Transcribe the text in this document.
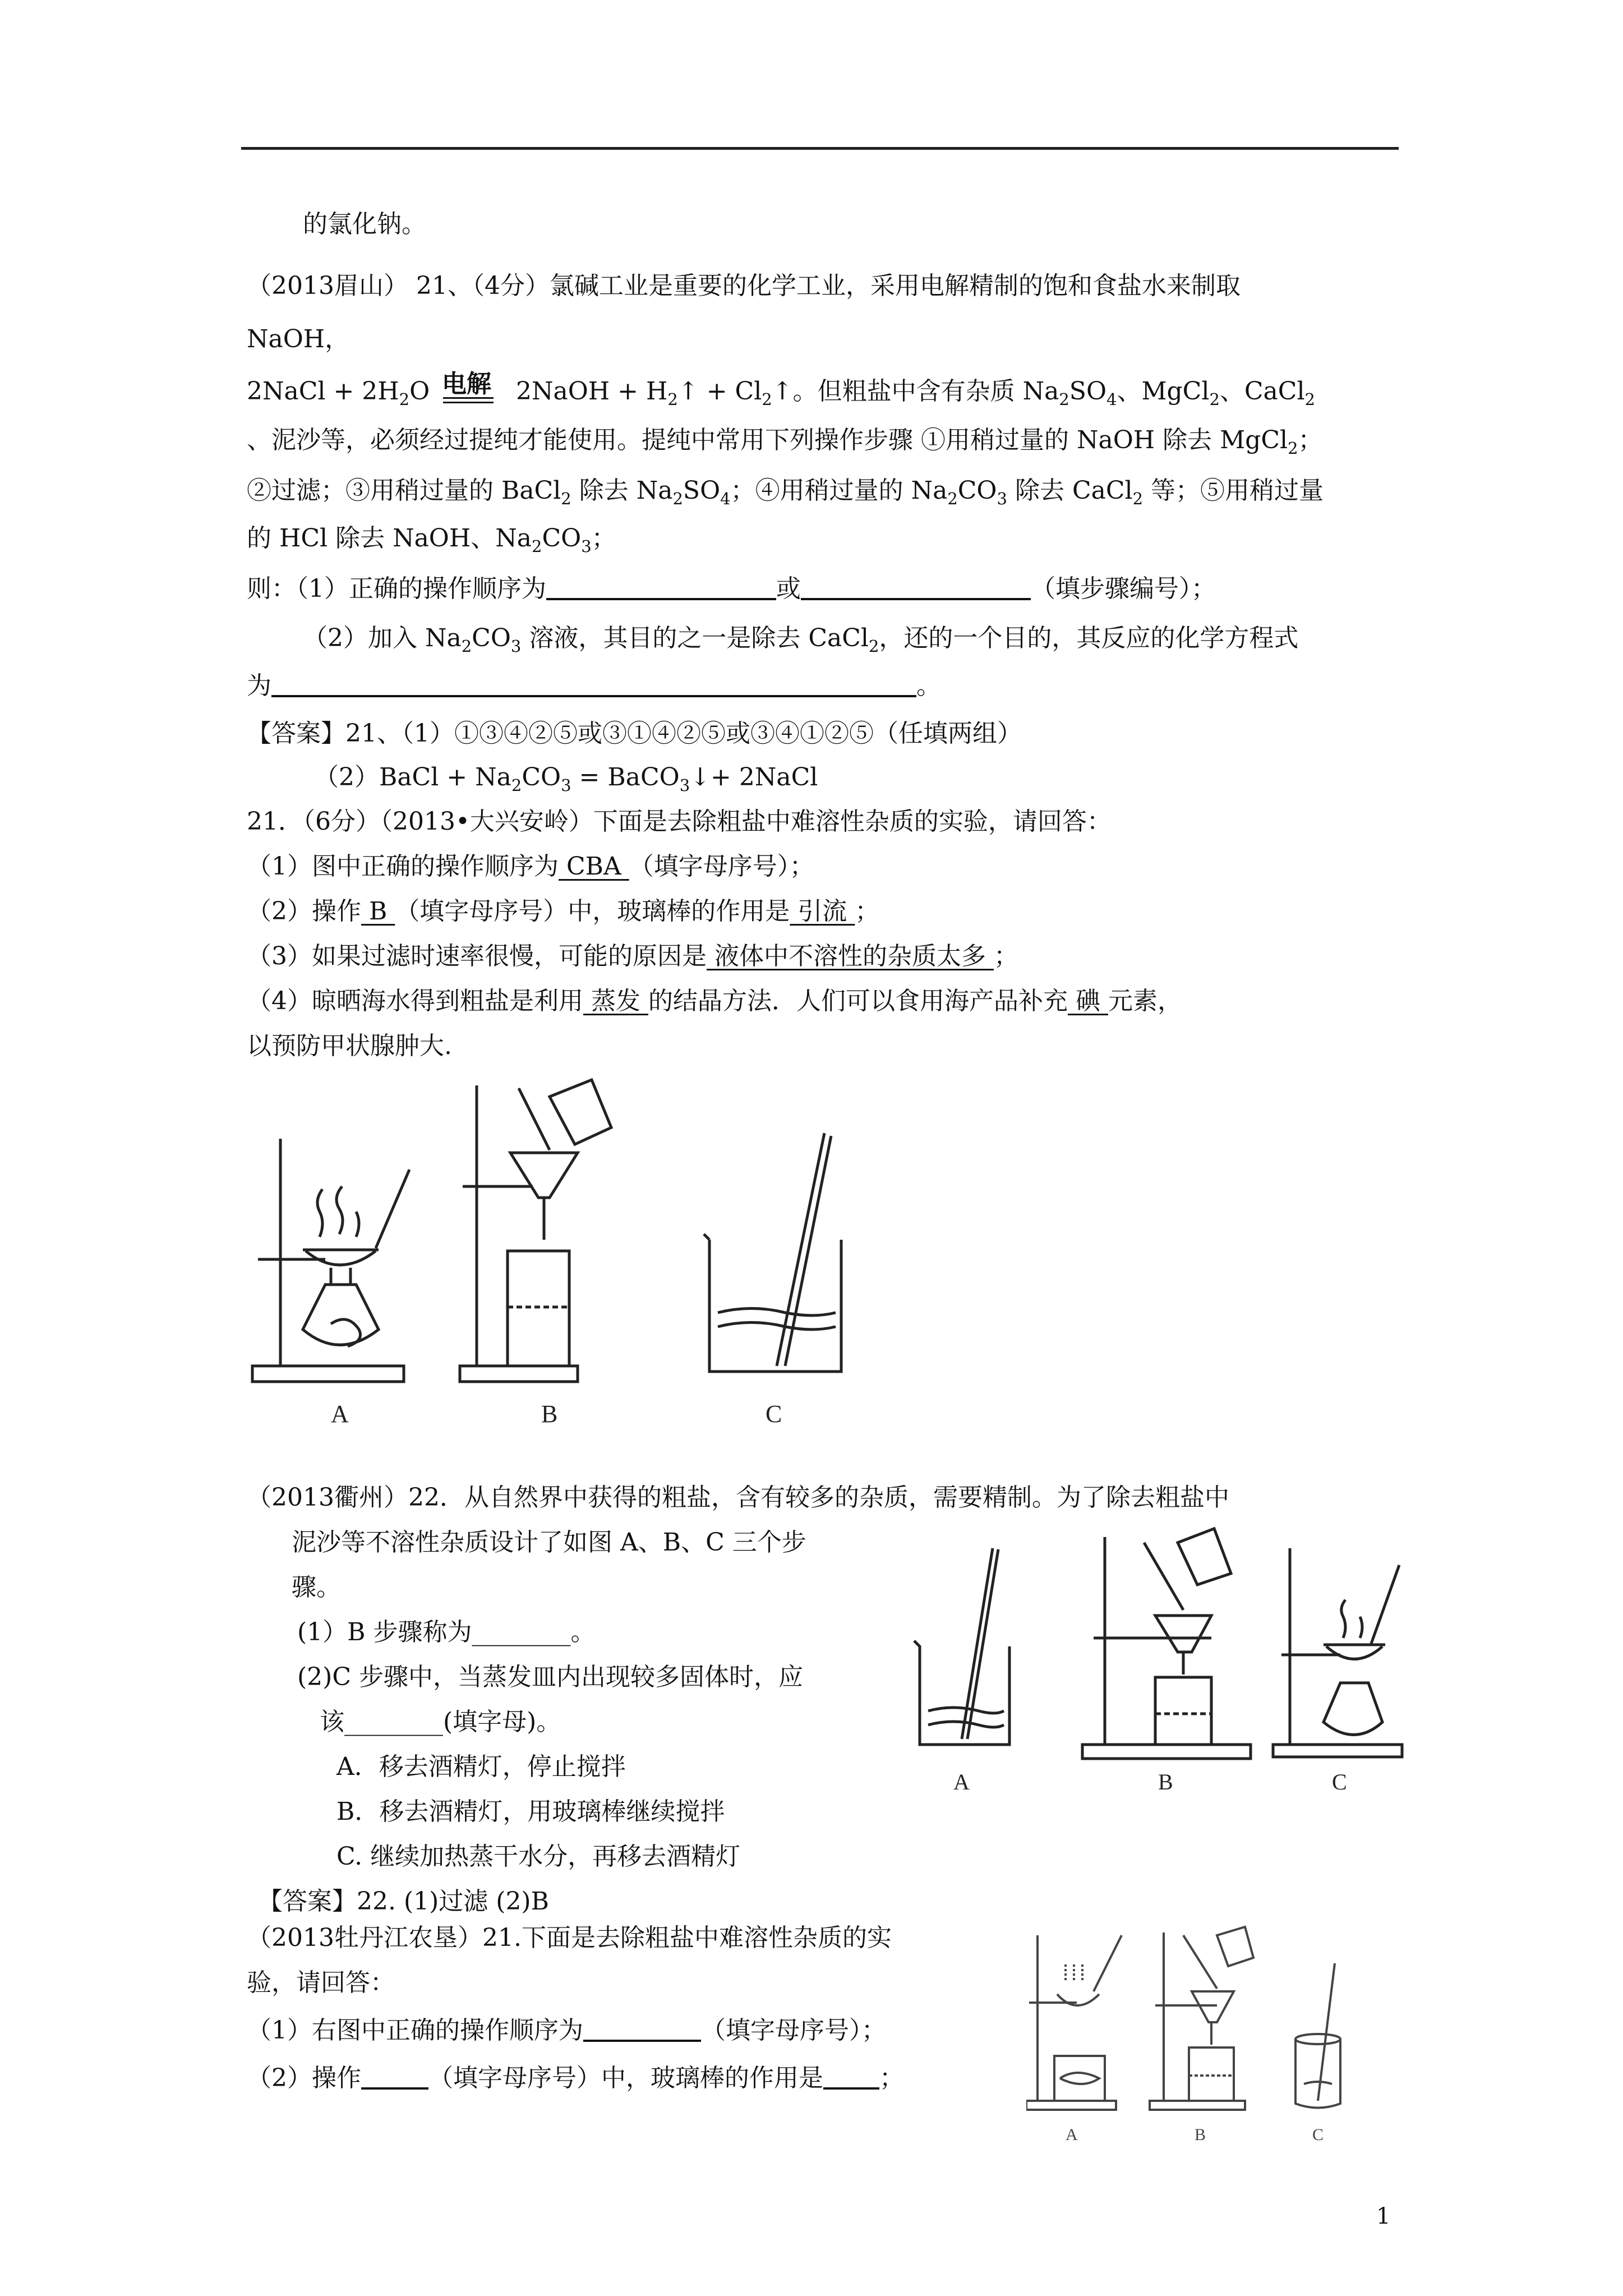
的氯化钠。
（2013眉山） 21、（4分）氯碱工业是重要的化学工业，采用电解精制的饱和食盐水来制取
NaOH，
电解
2NaCl + $2H_2O$	2NaOH + $H_2↑$ + $Cl_2↑$。但粗盐中含有杂质 $Na_2SO_4$、MgCl$_2$、CaCl$_2$
、泥沙等，必须经过提纯才能使用。提纯中常用下列操作步骤 ①用稍过量的 NaOH 除去 MgCl$_2$；
②过滤；③用稍过量的 BaCl$_2$ 除去 $Na_2SO_4$；④用稍过量的 $Na_2CO_3$ 除去 CaCl$_2$ 等；⑤用稍过量
的 HCl 除去 NaOH、$Na_2CO_3$；
则：（1）正确的操作顺序为	或	（填步骤编号）；
（2）加入 $Na_2CO_3$ 溶液，其目的之一是除去 CaCl$_2$，还的一个目的，其反应的化学方程式
为	。
【答案】21、（1）①③④②⑤或③①④②⑤或③④①②⑤（任填两组）
（2）BaCl + $Na_2CO_3$ = BaCO$_3$↓+ 2NaCl
21．（6分）（2013•大兴安岭）下面是去除粗盐中难溶性杂质的实验，请回答：
（1）图中正确的操作顺序为 CBA （填字母序号）；
（2）操作 B （填字母序号）中，玻璃棒的作用是 引流 ；
（3）如果过滤时速率很慢，可能的原因是 液体中不溶性的杂质太多 ；
（4）晾晒海水得到粗盐是利用 蒸发 的结晶方法．人们可以食用海产品补充 碘 元素，
以预防甲状腺肿大.
A	B	C
（2013衢州）22．从自然界中获得的粗盐，含有较多的杂质，需要精制。为了除去粗盐中
泥沙等不溶性杂质设计了如图 A、B、C 三个步
骤。
(1）B 步骤称为________。
(2)C 步骤中，当蒸发皿内出现较多固体时，应
该________(填字母)。
A．移去酒精灯，停止搅拌
B．移去酒精灯，用玻璃棒继续搅拌
C. 继续加热蒸干水分，再移去酒精灯
【答案】22. (1)过滤 (2)B
A	B	C
（2013牡丹江农垦）21.下面是去除粗盐中难溶性杂质的实
验，请回答：
（1）右图中正确的操作顺序为	（填字母序号）；
（2）操作	（填字母序号）中，玻璃棒的作用是 ；
A	B	C
1
